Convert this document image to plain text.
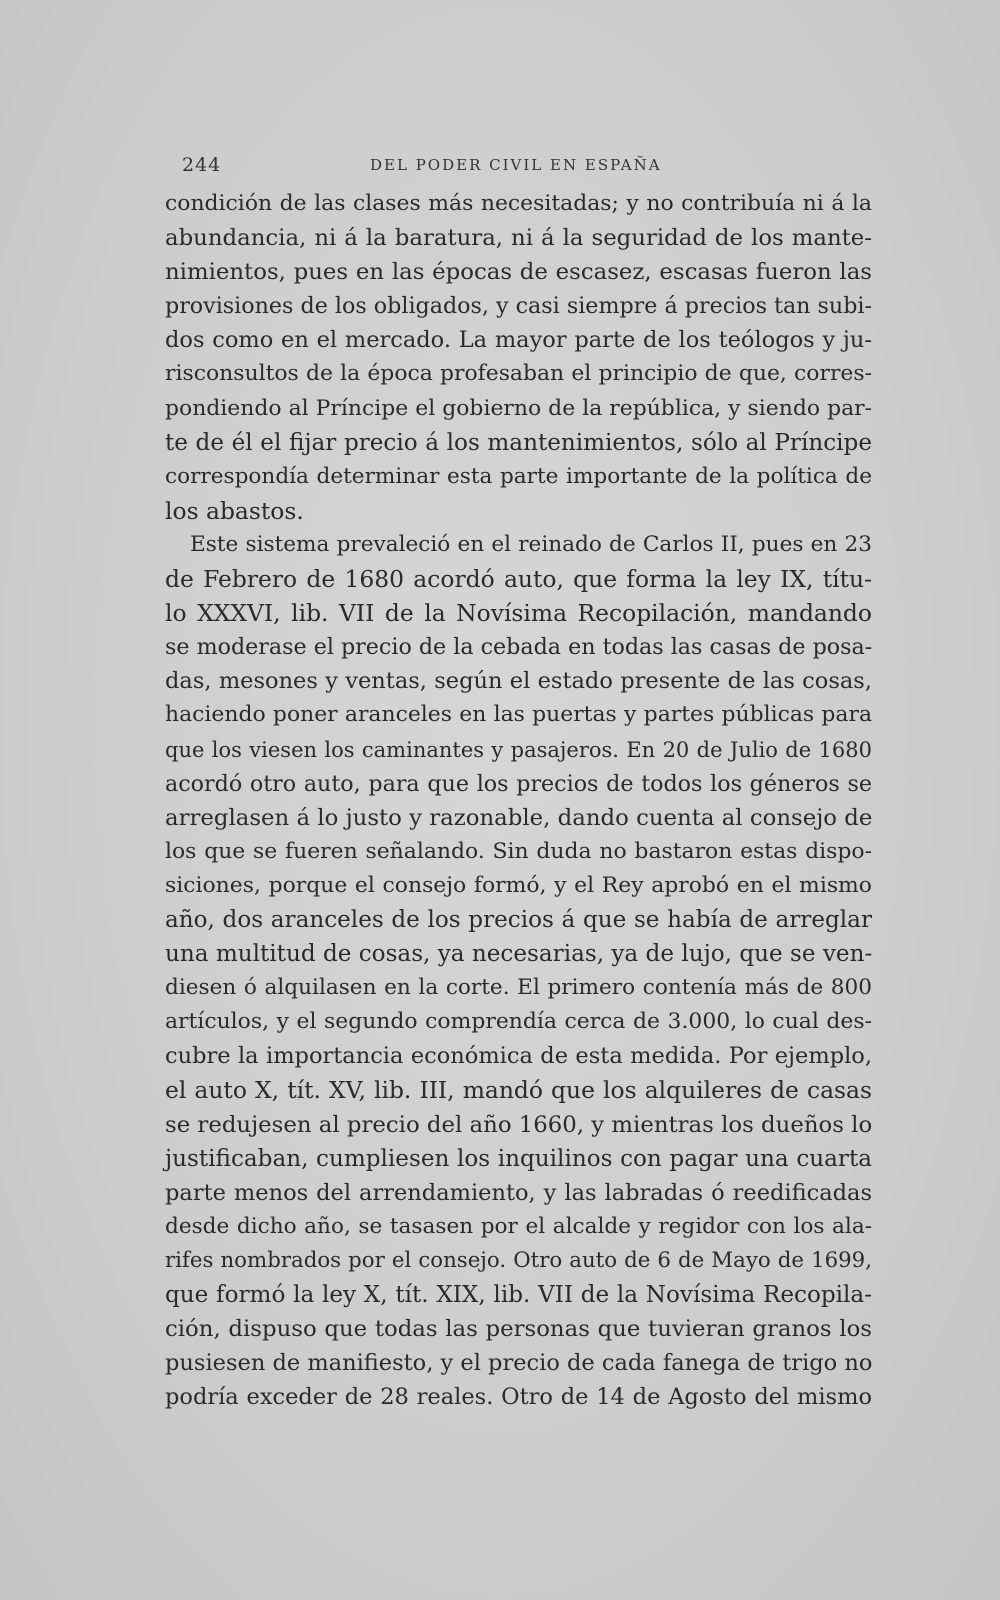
244	DEL PODER CIVIL EN ESPAÑA
condición de las clases más necesitadas; y no contribuía ni á la
abundancia, ni á la baratura, ni á la seguridad de los mante-
nimientos, pues en las épocas de escasez, escasas fueron las
provisiones de los obligados, y casi siempre á precios tan subi-
dos como en el mercado. La mayor parte de los teólogos y ju-
risconsultos de la época profesaban el principio de que, corres-
pondiendo al Príncipe el gobierno de la república, y siendo par-
te de él el fijar precio á los mantenimientos, sólo al Príncipe
correspondía determinar esta parte importante de la política de
los abastos.
Este sistema prevaleció en el reinado de Carlos II, pues en 23
de Febrero de 1680 acordó auto, que forma la ley IX, títu-
lo XXXVI, lib. VII de la Novísima Recopilación, mandando
se moderase el precio de la cebada en todas las casas de posa-
das, mesones y ventas, según el estado presente de las cosas,
haciendo poner aranceles en las puertas y partes públicas para
que los viesen los caminantes y pasajeros. En 20 de Julio de 1680
acordó otro auto, para que los precios de todos los géneros se
arreglasen á lo justo y razonable, dando cuenta al consejo de
los que se fueren señalando. Sin duda no bastaron estas dispo-
siciones, porque el consejo formó, y el Rey aprobó en el mismo
año, dos aranceles de los precios á que se había de arreglar
una multitud de cosas, ya necesarias, ya de lujo, que se ven-
diesen ó alquilasen en la corte. El primero contenía más de 800
artículos, y el segundo comprendía cerca de 3.000, lo cual des-
cubre la importancia económica de esta medida. Por ejemplo,
el auto X, tít. XV, lib. III, mandó que los alquileres de casas
se redujesen al precio del año 1660, y mientras los dueños lo
justificaban, cumpliesen los inquilinos con pagar una cuarta
parte menos del arrendamiento, y las labradas ó reedificadas
desde dicho año, se tasasen por el alcalde y regidor con los ala-
rifes nombrados por el consejo. Otro auto de 6 de Mayo de 1699,
que formó la ley X, tít. XIX, lib. VII de la Novísima Recopila-
ción, dispuso que todas las personas que tuvieran granos los
pusiesen de manifiesto, y el precio de cada fanega de trigo no
podría exceder de 28 reales. Otro de 14 de Agosto del mismo
